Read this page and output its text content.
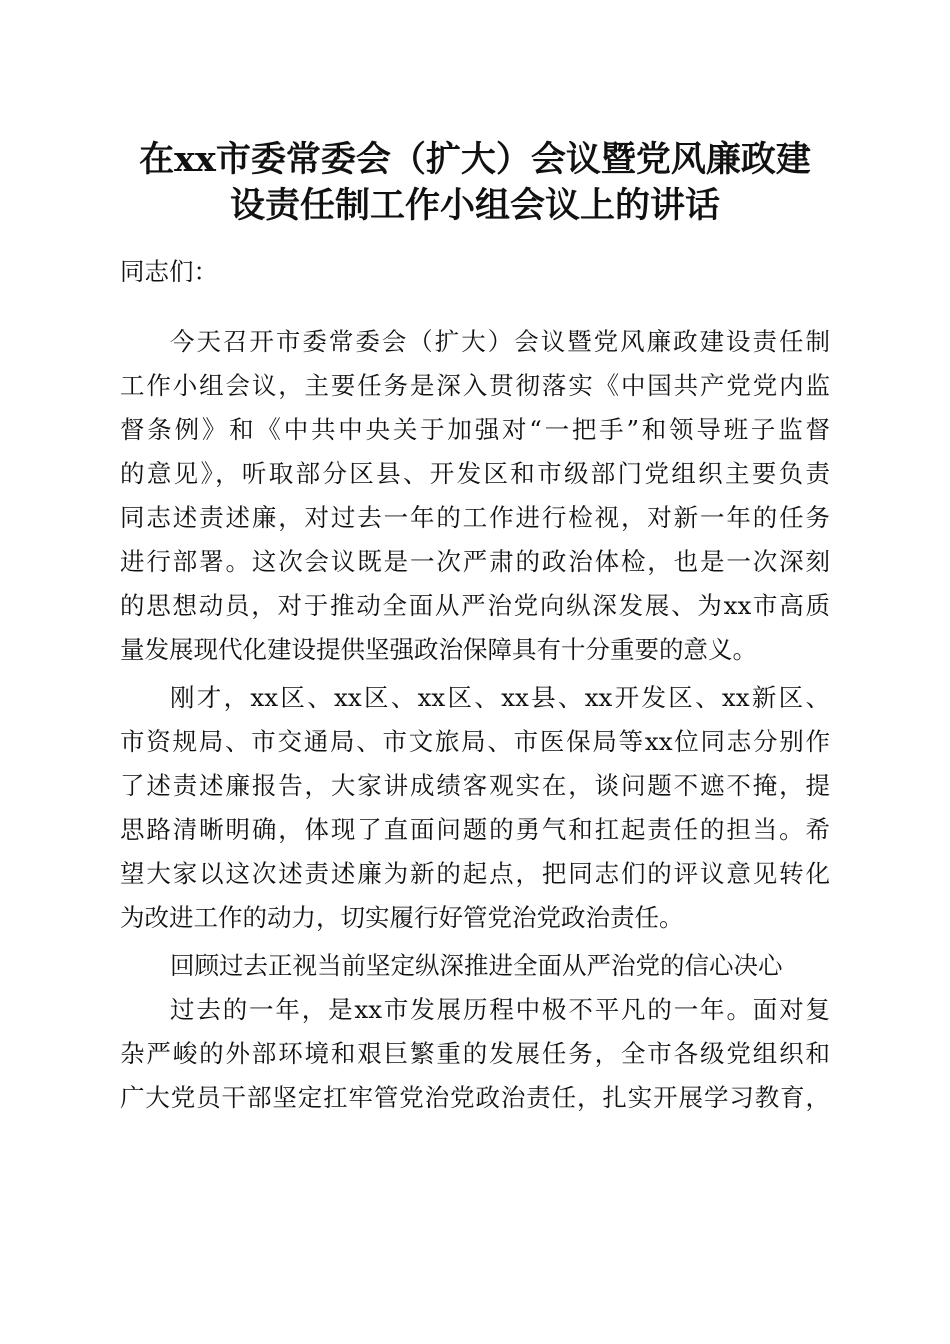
在xx市委常委会（扩大）会议暨党风廉政建
设责任制工作小组会议上的讲话
同志们：
今天召开市委常委会（扩大）会议暨党风廉政建设责任制
工作小组会议，主要任务是深入贯彻落实《中国共产党党内监
督条例》和《中共中央关于加强对“一把手”和领导班子监督
的意见》，听取部分区县、开发区和市级部门党组织主要负责
同志述责述廉，对过去一年的工作进行检视，对新一年的任务
进行部署。这次会议既是一次严肃的政治体检，也是一次深刻
的思想动员，对于推动全面从严治党向纵深发展、为xx市高质
量发展现代化建设提供坚强政治保障具有十分重要的意义。
刚才，xx区、xx区、xx区、xx县、xx开发区、xx新区、
市资规局、市交通局、市文旅局、市医保局等xx位同志分别作
了述责述廉报告，大家讲成绩客观实在，谈问题不遮不掩，提
思路清晰明确，体现了直面问题的勇气和扛起责任的担当。希
望大家以这次述责述廉为新的起点，把同志们的评议意见转化
为改进工作的动力，切实履行好管党治党政治责任。
回顾过去正视当前坚定纵深推进全面从严治党的信心决心
过去的一年，是xx市发展历程中极不平凡的一年。面对复
杂严峻的外部环境和艰巨繁重的发展任务，全市各级党组织和
广大党员干部坚定扛牢管党治党政治责任，扎实开展学习教育，
